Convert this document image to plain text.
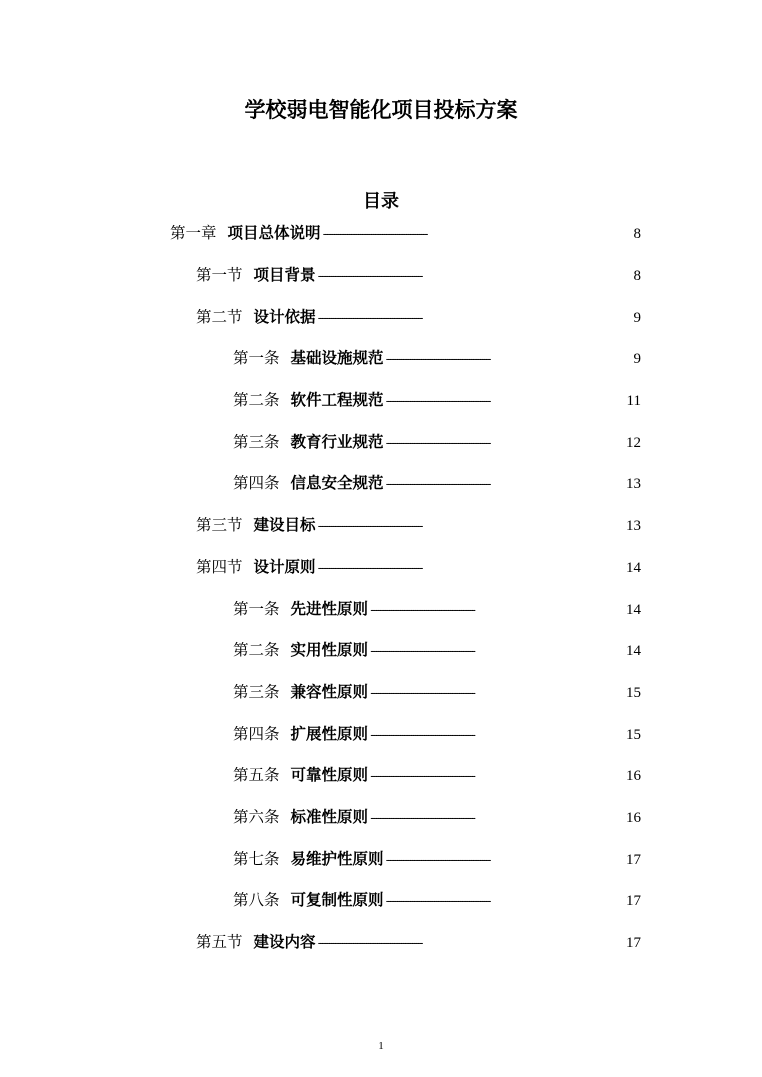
学校弱电智能化项目投标方案
目录
第一章 项目总体说明 . . .	8
第一节 项目背景 . . .	8
第二节 设计依据 . . .	9
第一条 基础设施规范 . . .	9
第二条 软件工程规范 . . .	11
第三条 教育行业规范 . . .	12
第四条 信息安全规范 . . .	13
第三节 建设目标 . . .	13
第四节 设计原则 . . .	14
第一条 先进性原则 . . .	14
第二条 实用性原则 . . .	14
第三条 兼容性原则 . . .	15
第四条 扩展性原则 . . .	15
第五条 可靠性原则 . . .	16
第六条 标准性原则 . . .	16
第七条 易维护性原则 . . .	17
第八条 可复制性原则 . . .	17
第五节 建设内容 . . .	17
1
